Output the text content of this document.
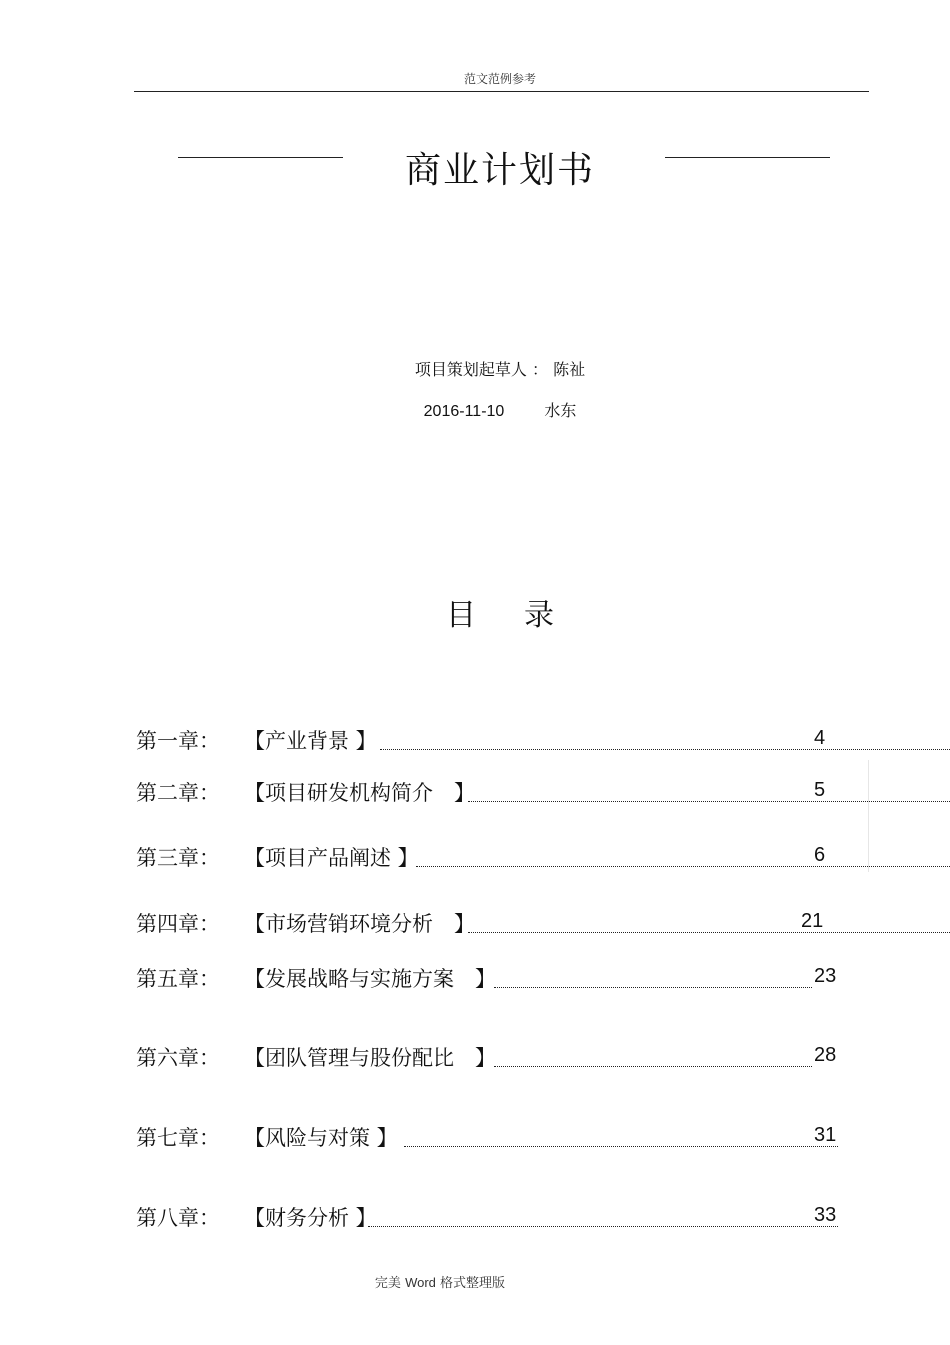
范文范例参考
商业计划书
项目策划起草人 ： 陈祉
2016-11-10	水东
目 录
第一章： 【产业背景 】	4
第二章： 【项目研发机构简介　】	5
第三章： 【项目产品阐述 】	6
第四章： 【市场营销环境分析　】	21
第五章： 【发展战略与实施方案　】	23
第六章： 【团队管理与股份配比　】	28
第七章： 【风险与对策 】	31
第八章： 【财务分析 】	33
完美 Word 格式整理版
